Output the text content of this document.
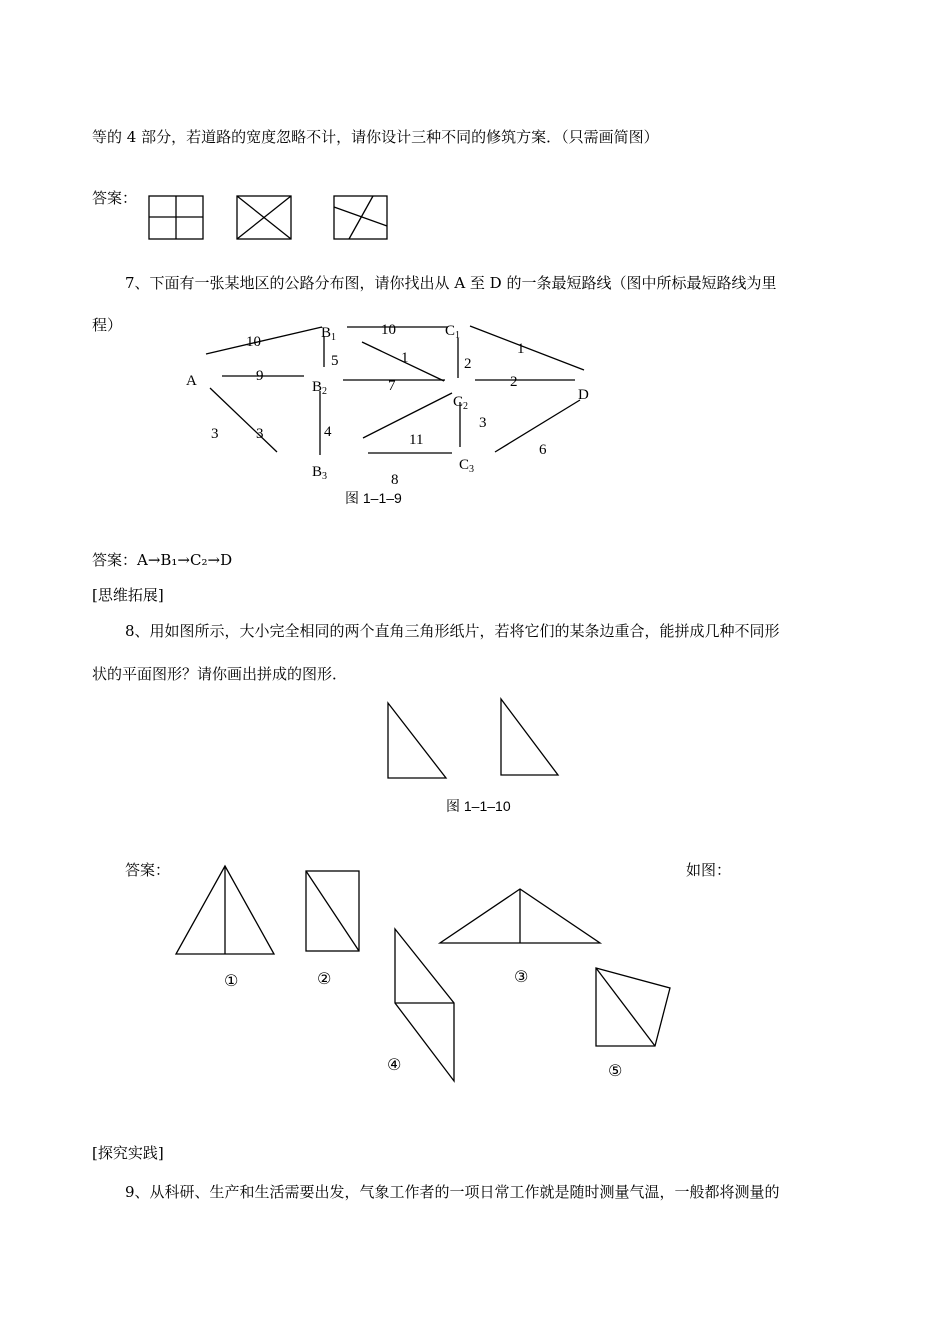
等的 4 部分，若道路的宽度忽略不计，请你设计三种不同的修筑方案．（只需画简图）
答案：
7、下面有一张某地区的公路分布图，请你找出从 A 至 D 的一条最短路线（图中所标最短路线为里
程）
A
$B_1$
$B_2$
$B_3$
$C_1$
$C_2$
$C_3$
D
10
10
5	1	2
1
9
7	2
3	3	4	11
3
6
8
图 1–1–9
答案：A→B₁→C₂→D
[思维拓展]
8、用如图所示，大小完全相同的两个直角三角形纸片，若将它们的某条边重合，能拼成几种不同形
状的平面图形？请你画出拼成的图形．
图 1–1–10
答案：	如图：
①	②	③
④	⑤
[探究实践]
9、从科研、生产和生活需要出发，气象工作者的一项日常工作就是随时测量气温，一般都将测量的
